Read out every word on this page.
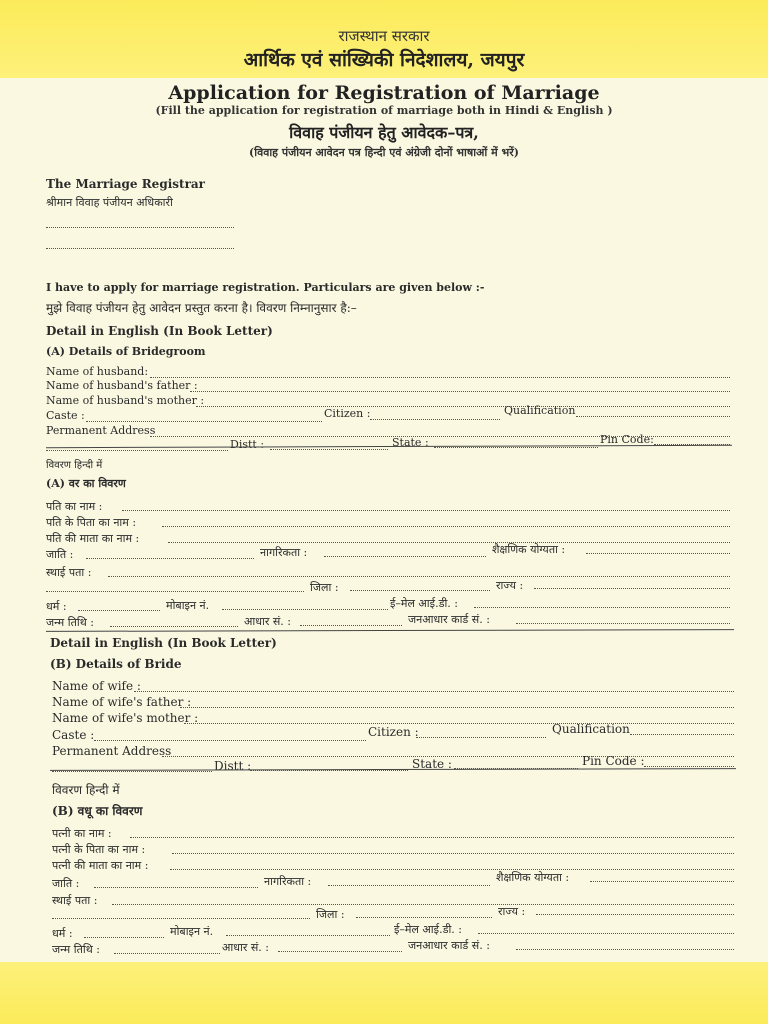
राजस्थान सरकार
आर्थिक एवं सांख्यिकी निदेशालय, जयपुर
Application for Registration of Marriage
(Fill the application for registration of marriage both in Hindi & English )
विवाह पंजीयन हेतु आवेदक–पत्र,
(विवाह पंजीयन आवेदन पत्र हिन्दी एवं अंग्रेजी दोनों भाषाओं में भरें)
The Marriage Registrar
श्रीमान विवाह पंजीयन अधिकारी
I have to apply for marriage registration. Particulars are given below :-
मुझे विवाह पंजीयन हेतु आवेदन प्रस्तुत करना है। विवरण निम्नानुसार है:–
Detail in English (In Book Letter)
(A) Details of Bridegroom
Name of husband:
Name of husband's father :
Name of husband's mother :
Caste :	Citizen :	Qualification
Permanent Address
Distt :	State :	Pin Code:
विवरण हिन्दी में
(A) वर का विवरण
पति का नाम :
पति के पिता का नाम :
पति की माता का नाम :
जाति :	नागरिकता :	शैक्षणिक योग्यता :
स्थाई पता :
जिला :	राज्य :
धर्म :	मोबाइन नं.	ई–मेल आई.डी. :
जन्म तिथि :	आधार सं. :	जनआधार कार्ड सं. :
Detail in English (In Book Letter)
(B) Details of Bride
Name of wife :
Name of wife's father :
Name of wife's mother :
Caste :	Citizen :	Qualification
Permanent Address
Distt :	State :	Pin Code :
विवरण हिन्दी में
(B) वधू का विवरण
पत्नी का नाम :
पत्नी के पिता का नाम :
पत्नी की माता का नाम :
जाति :	नागरिकता :	शैक्षणिक योग्यता :
स्थाई पता :
जिला :	राज्य :
धर्म :	मोबाइन नं.	ई–मेल आई.डी. :
जन्म तिथि :	आधार सं. :	जनआधार कार्ड सं. :
